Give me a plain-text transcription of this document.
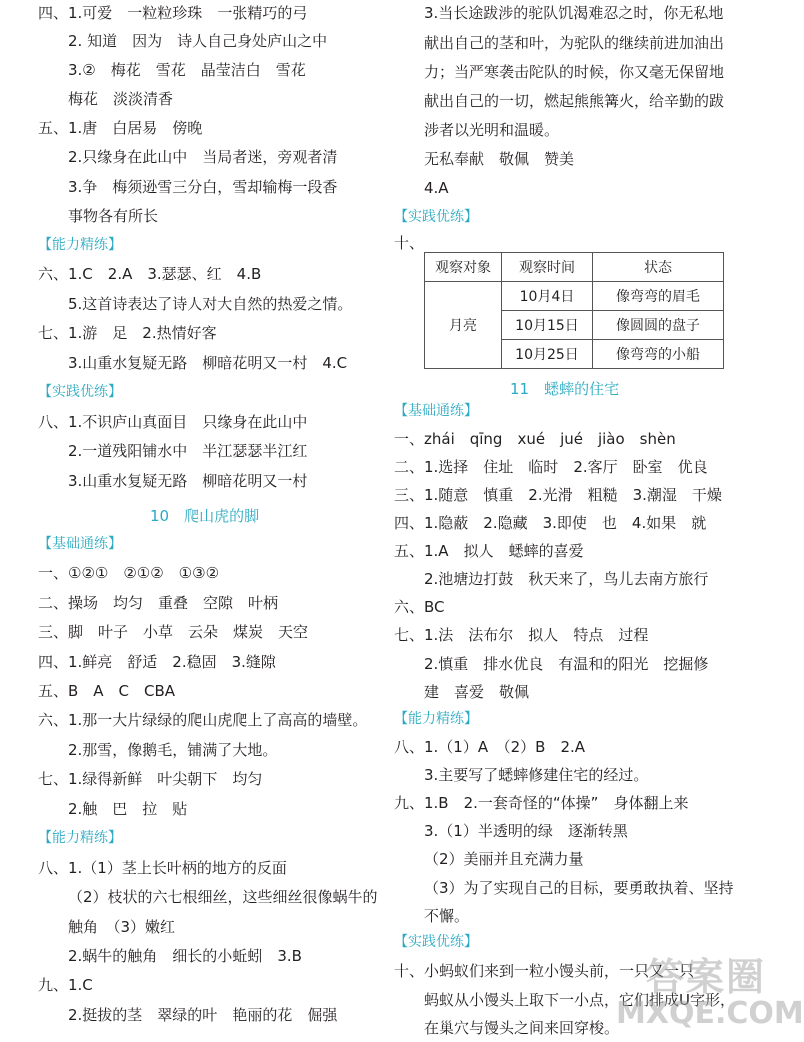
四、1.可爱　一粒粒珍珠　一张精巧的弓
2. 知道　因为　诗人自己身处庐山之中
3.②　梅花　雪花　晶莹洁白　雪花
梅花　淡淡清香
五、1.唐　白居易　傍晚
2.只缘身在此山中　当局者迷，旁观者清
3.争　梅须逊雪三分白，雪却输梅一段香
事物各有所长
【能力精练】
六、1.C　2.A　3.瑟瑟、红　4.B
5.这首诗表达了诗人对大自然的热爱之情。
七、1.游　足　2.热情好客
3.山重水复疑无路　柳暗花明又一村　4.C
【实践优练】
八、1.不识庐山真面目　只缘身在此山中
2.一道残阳铺水中　半江瑟瑟半江红
3.山重水复疑无路　柳暗花明又一村
10　爬山虎的脚
【基础通练】
一、①②①　②①②　①③②
二、操场　均匀　重叠　空隙　叶柄
三、脚　叶子　小草　云朵　煤炭　天空
四、1.鲜亮　舒适　2.稳固　3.缝隙
五、B　A　C　CBA
六、1.那一大片绿绿的爬山虎爬上了高高的墙壁。
2.那雪，像鹅毛，铺满了大地。
七、1.绿得新鲜　叶尖朝下　均匀
2.触　巴　拉　贴
【能力精练】
八、1.（1）茎上长叶柄的地方的反面
（2）枝状的六七根细丝，这些细丝很像蜗牛的
触角　（3）嫩红
2.蜗牛的触角　细长的小蚯蚓　3.B
九、1.C
2.挺拔的茎　翠绿的叶　艳丽的花　倔强
3.当长途跋涉的驼队饥渴难忍之时，你无私地
献出自己的茎和叶，为驼队的继续前进加油出
力；当严寒袭击陀队的时候，你又毫无保留地
献出自己的一切，燃起熊熊篝火，给辛勤的跋
涉者以光明和温暖。
无私奉献　敬佩　赞美
4.A
【实践优练】
十、
11　蟋蟀的住宅
【基础通练】
一、zhái　qīng　xué　jué　jiào　shèn
二、1.选择　住址　临时　2.客厅　卧室　优良
三、1.随意　慎重　2.光滑　粗糙　3.潮湿　干燥
四、1.隐蔽　2.隐藏　3.即使　也　4.如果　就
五、1.A　拟人　蟋蟀的喜爱
2.池塘边打鼓　秋天来了，鸟儿去南方旅行
六、BC
七、1.法　法布尔　拟人　特点　过程
2.慎重　排水优良　有温和的阳光　挖掘修
建　喜爱　敬佩
【能力精练】
八、1.（1）A　（2）B　2.A
3.主要写了蟋蟀修建住宅的经过。
九、1.B　2.一套奇怪的“体操”　身体翻上来
3.（1）半透明的绿　逐渐转黑
（2）美丽并且充满力量
（3）为了实现自己的目标，要勇敢执着、坚持
不懈。
【实践优练】
十、小蚂蚁们来到一粒小馒头前，一只又一只
蚂蚁从小馒头上取下一小点，它们排成U字形，
在巢穴与馒头之间来回穿梭。
观察对象	观察时间	状态
月亮	10月4日	像弯弯的眉毛
	10月15日	像圆圆的盘子
	10月25日	像弯弯的小船
答案圈
MXQE.COM
